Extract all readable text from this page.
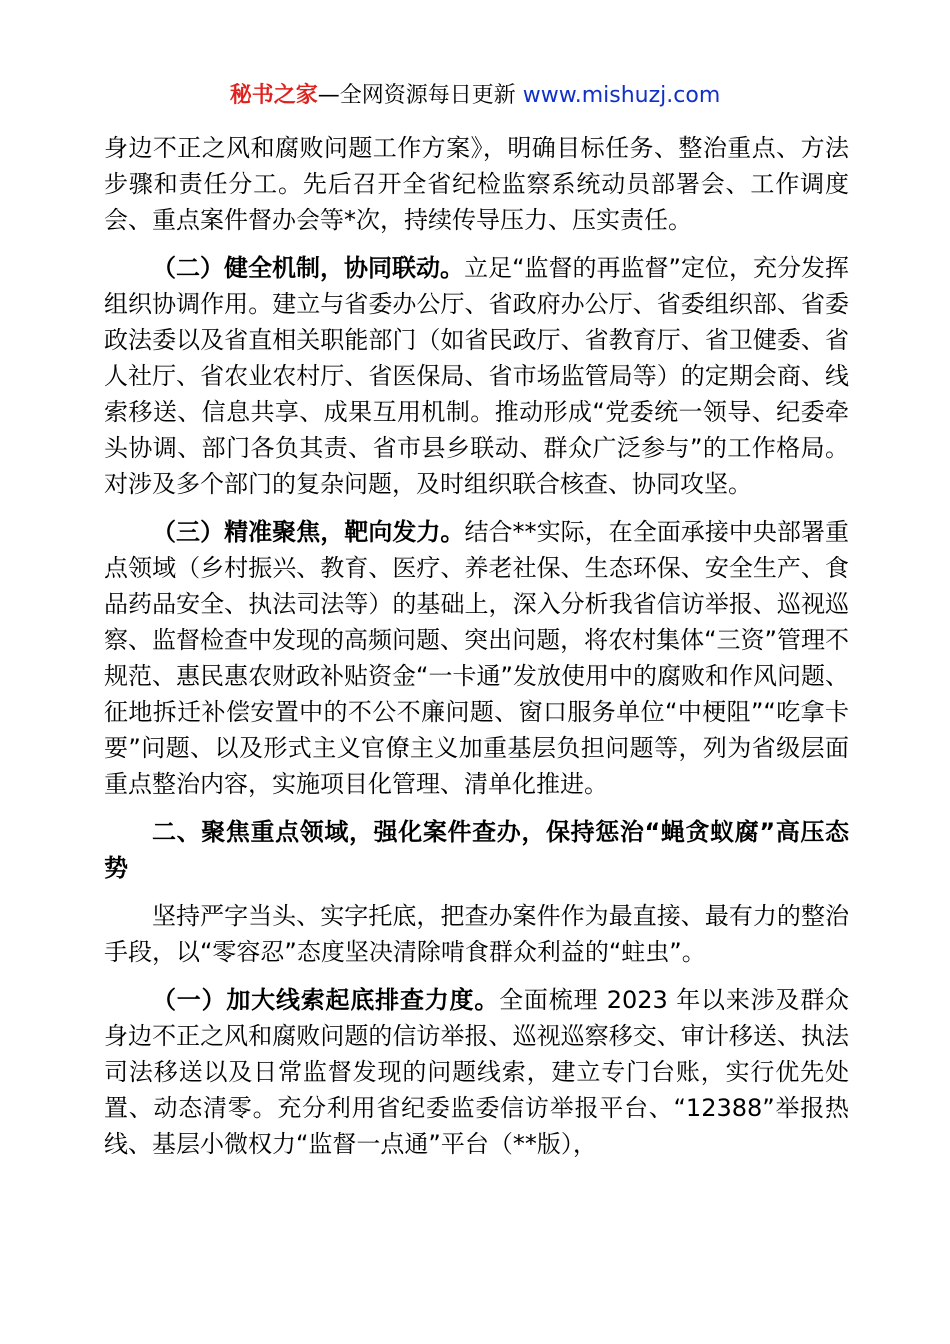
秘书之家—全网资源每日更新 www.mishuzj.com

身边不正之风和腐败问题工作方案》，明确目标任务、整治重点、方法步骤和责任分工。先后召开全省纪检监察系统动员部署会、工作调度会、重点案件督办会等*次，持续传导压力、压实责任。

（二）健全机制，协同联动。立足“监督的再监督”定位，充分发挥组织协调作用。建立与省委办公厅、省政府办公厅、省委组织部、省委政法委以及省直相关职能部门（如省民政厅、省教育厅、省卫健委、省人社厅、省农业农村厅、省医保局、省市场监管局等）的定期会商、线索移送、信息共享、成果互用机制。推动形成“党委统一领导、纪委牵头协调、部门各负其责、省市县乡联动、群众广泛参与”的工作格局。对涉及多个部门的复杂问题，及时组织联合核查、协同攻坚。

（三）精准聚焦，靶向发力。结合**实际，在全面承接中央部署重点领域（乡村振兴、教育、医疗、养老社保、生态环保、安全生产、食品药品安全、执法司法等）的基础上，深入分析我省信访举报、巡视巡察、监督检查中发现的高频问题、突出问题，将农村集体“三资”管理不规范、惠民惠农财政补贴资金“一卡通”发放使用中的腐败和作风问题、征地拆迁补偿安置中的不公不廉问题、窗口服务单位“中梗阻”“吃拿卡要”问题、以及形式主义官僚主义加重基层负担问题等，列为省级层面重点整治内容，实施项目化管理、清单化推进。

二、聚焦重点领域，强化案件查办，保持惩治“蝇贪蚁腐”高压态势

坚持严字当头、实字托底，把查办案件作为最直接、最有力的整治手段，以“零容忍”态度坚决清除啃食群众利益的“蛀虫”。

（一）加大线索起底排查力度。全面梳理 2023 年以来涉及群众身边不正之风和腐败问题的信访举报、巡视巡察移交、审计移送、执法司法移送以及日常监督发现的问题线索，建立专门台账，实行优先处置、动态清零。充分利用省纪委监委信访举报平台、“12388”举报热线、基层小微权力“监督一点通”平台（**版），
